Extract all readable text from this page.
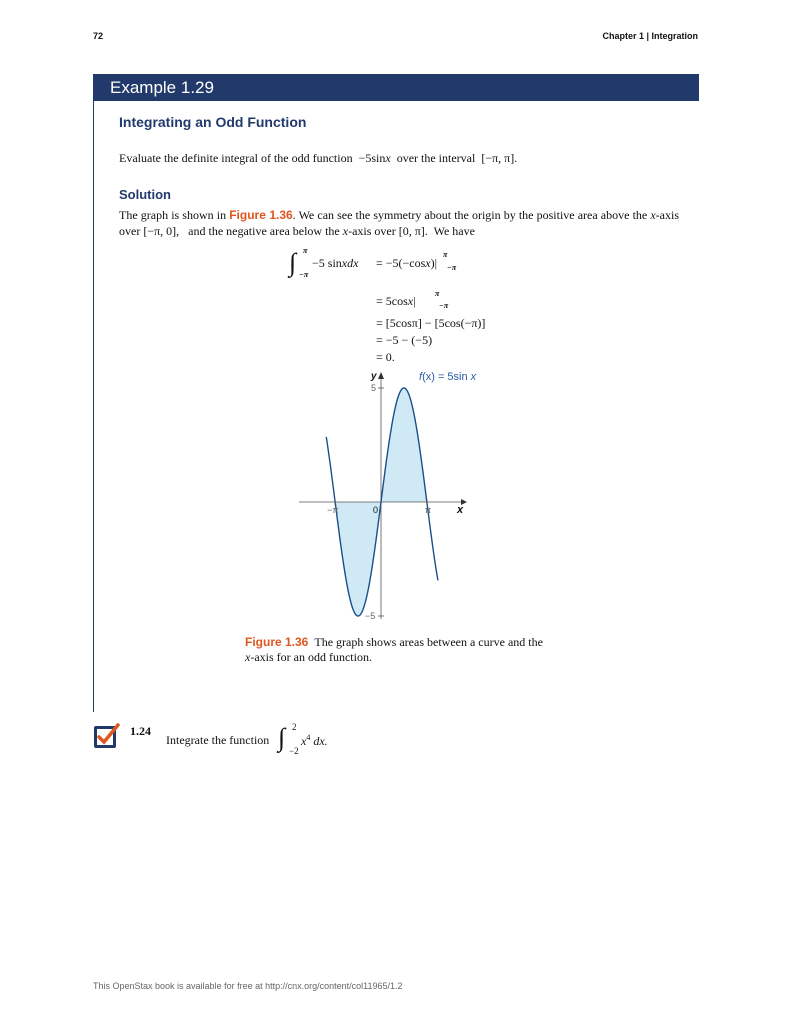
72	Chapter 1 | Integration
Example 1.29
Integrating an Odd Function
Evaluate the definite integral of the odd function −5sinx over the interval [−π, π].
Solution
The graph is shown in Figure 1.36. We can see the symmetry about the origin by the positive area above the x-axis over [−π, 0],   and the negative area below the x-axis over [0, π].  We have
∫ π
−π
−5 sinxdx = −5(−cosx)|
π
−π
= 5cosx|
π
−π
= [5cosπ] − [5cos(−π)]
= −5 − (−5)
= 0.
−π	0	π
5
−5
x
y	f(x) = 5sin x
Figure 1.36 The graph shows areas between a curve and the x-axis for an odd function.
1.24
Integrate the function ∫ 2
−2
$x^4$ dx.
This OpenStax book is available for free at http://cnx.org/content/col11965/1.2
